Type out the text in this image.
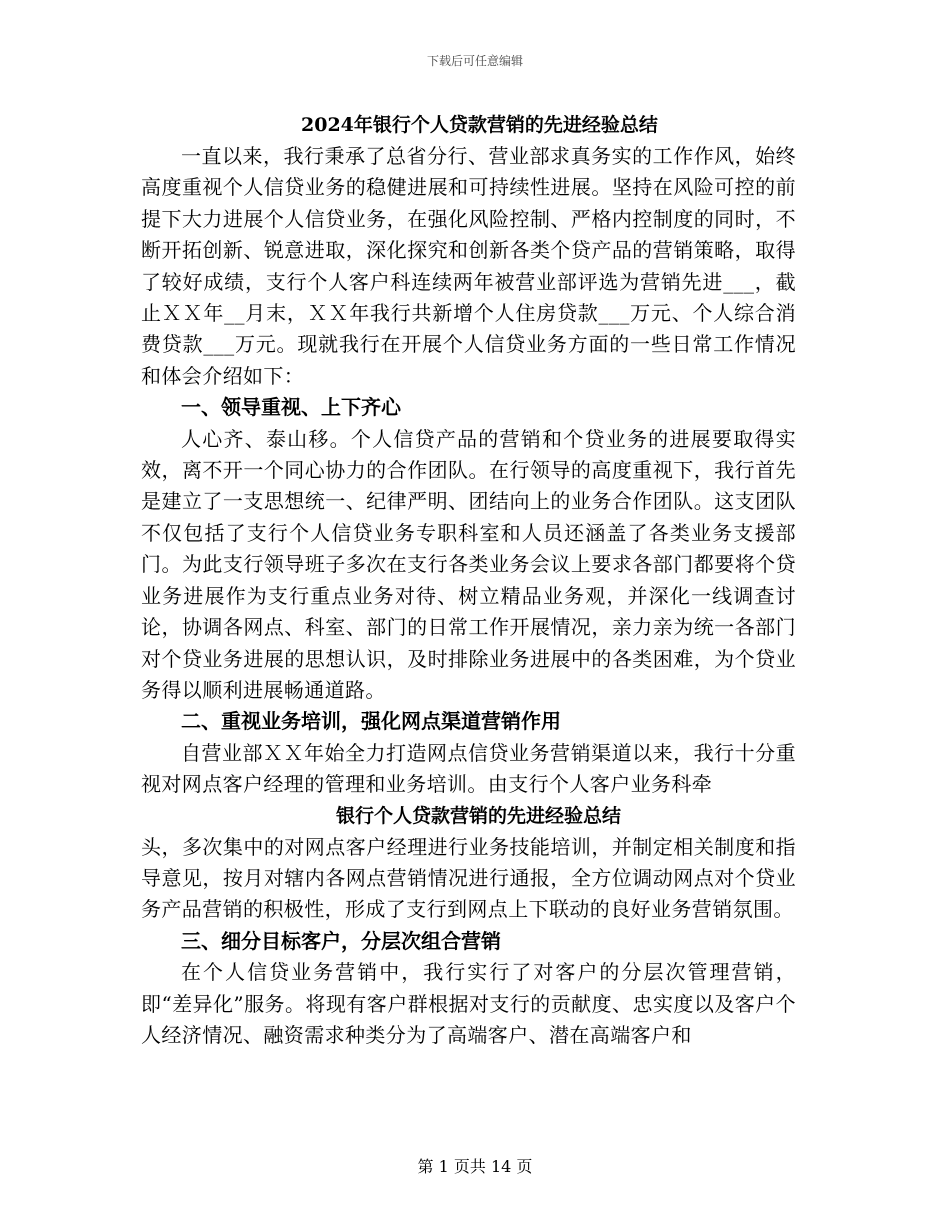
下载后可任意编辑
2024年银行个人贷款营销的先进经验总结

一直以来，我行秉承了总省分行、营业部求真务实的工作作风，始终高度重视个人信贷业务的稳健进展和可持续性进展。坚持在风险可控的前提下大力进展个人信贷业务，在强化风险控制、严格内控制度的同时，不断开拓创新、锐意进取，深化探究和创新各类个贷产品的营销策略，取得了较好成绩，支行个人客户科连续两年被营业部评选为营销先进___，截止ＸＸ年__月末，ＸＸ年我行共新增个人住房贷款___万元、个人综合消费贷款___万元。现就我行在开展个人信贷业务方面的一些日常工作情况和体会介绍如下：

一、领导重视、上下齐心

人心齐、泰山移。个人信贷产品的营销和个贷业务的进展要取得实效，离不开一个同心协力的合作团队。在行领导的高度重视下，我行首先是建立了一支思想统一、纪律严明、团结向上的业务合作团队。这支团队不仅包括了支行个人信贷业务专职科室和人员还涵盖了各类业务支援部门。为此支行领导班子多次在支行各类业务会议上要求各部门都要将个贷业务进展作为支行重点业务对待、树立精品业务观，并深化一线调查讨论，协调各网点、科室、部门的日常工作开展情况，亲力亲为统一各部门对个贷业务进展的思想认识，及时排除业务进展中的各类困难，为个贷业务得以顺利进展畅通道路。

二、重视业务培训，强化网点渠道营销作用

自营业部ＸＸ年始全力打造网点信贷业务营销渠道以来，我行十分重视对网点客户经理的管理和业务培训。由支行个人客户业务科牵

银行个人贷款营销的先进经验总结

头，多次集中的对网点客户经理进行业务技能培训，并制定相关制度和指导意见，按月对辖内各网点营销情况进行通报，全方位调动网点对个贷业务产品营销的积极性，形成了支行到网点上下联动的良好业务营销氛围。

三、细分目标客户，分层次组合营销

在个人信贷业务营销中，我行实行了对客户的分层次管理营销，即“差异化”服务。将现有客户群根据对支行的贡献度、忠实度以及客户个人经济情况、融资需求种类分为了高端客户、潜在高端客户和

第 1 页共 14 页
